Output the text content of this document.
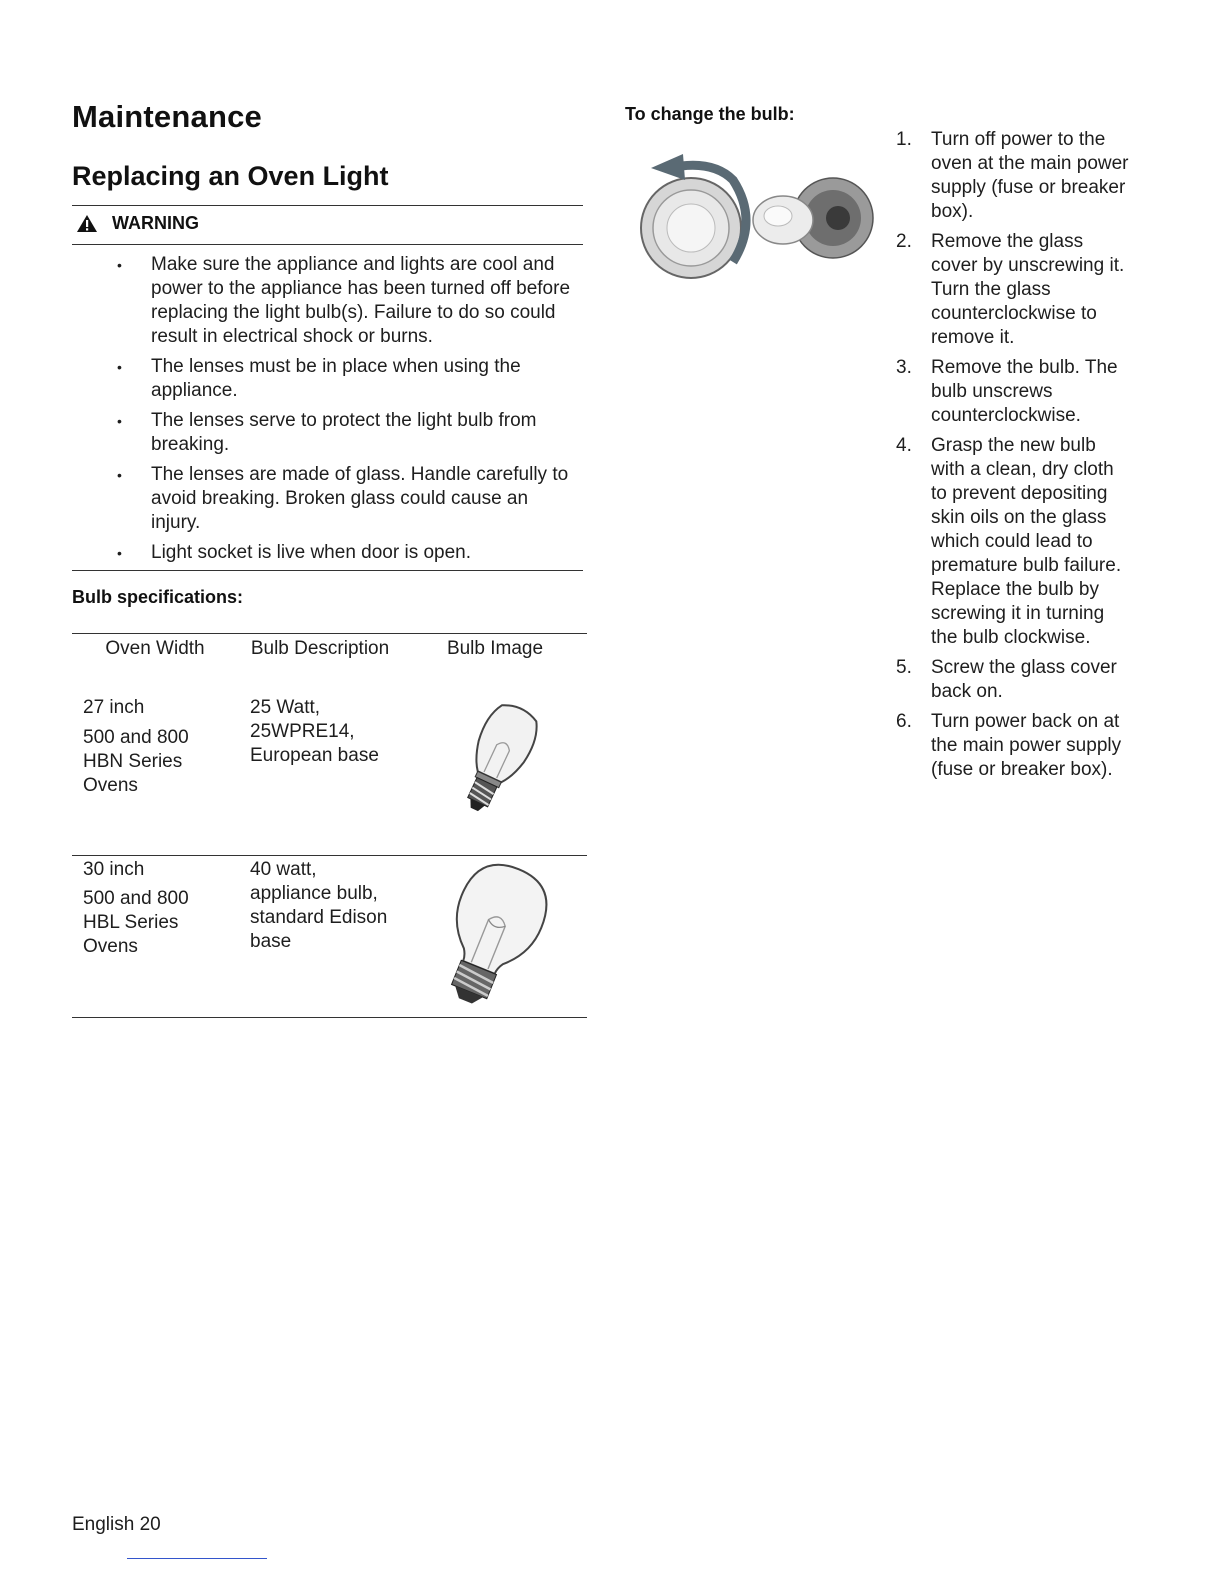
Maintenance
Replacing an Oven Light
WARNING
• Make sure the appliance and lights are cool and power to the appliance has been turned off before replacing the light bulb(s). Failure to do so could result in electrical shock or burns.
• The lenses must be in place when using the appliance.
• The lenses serve to protect the light bulb from breaking.
• The lenses are made of glass. Handle carefully to avoid breaking. Broken glass could cause an injury.
• Light socket is live when door is open.
Bulb specifications:
Oven Width	Bulb Description	Bulb Image
27 inch
500 and 800 HBN Series Ovens
25 Watt, 25WPRE14, European base
30 inch
500 and 800 HBL Series Ovens
40 watt, appliance bulb, standard Edison base
To change the bulb:
1. Turn off power to the oven at the main power supply (fuse or breaker box).
2. Remove the glass cover by unscrewing it. Turn the glass counterclockwise to remove it.
3. Remove the bulb. The bulb unscrews counterclockwise.
4. Grasp the new bulb with a clean, dry cloth to prevent depositing skin oils on the glass which could lead to premature bulb failure. Replace the bulb by screwing it in turning the bulb clockwise.
5. Screw the glass cover back on.
6. Turn power back on at the main power supply (fuse or breaker box).
English 20
